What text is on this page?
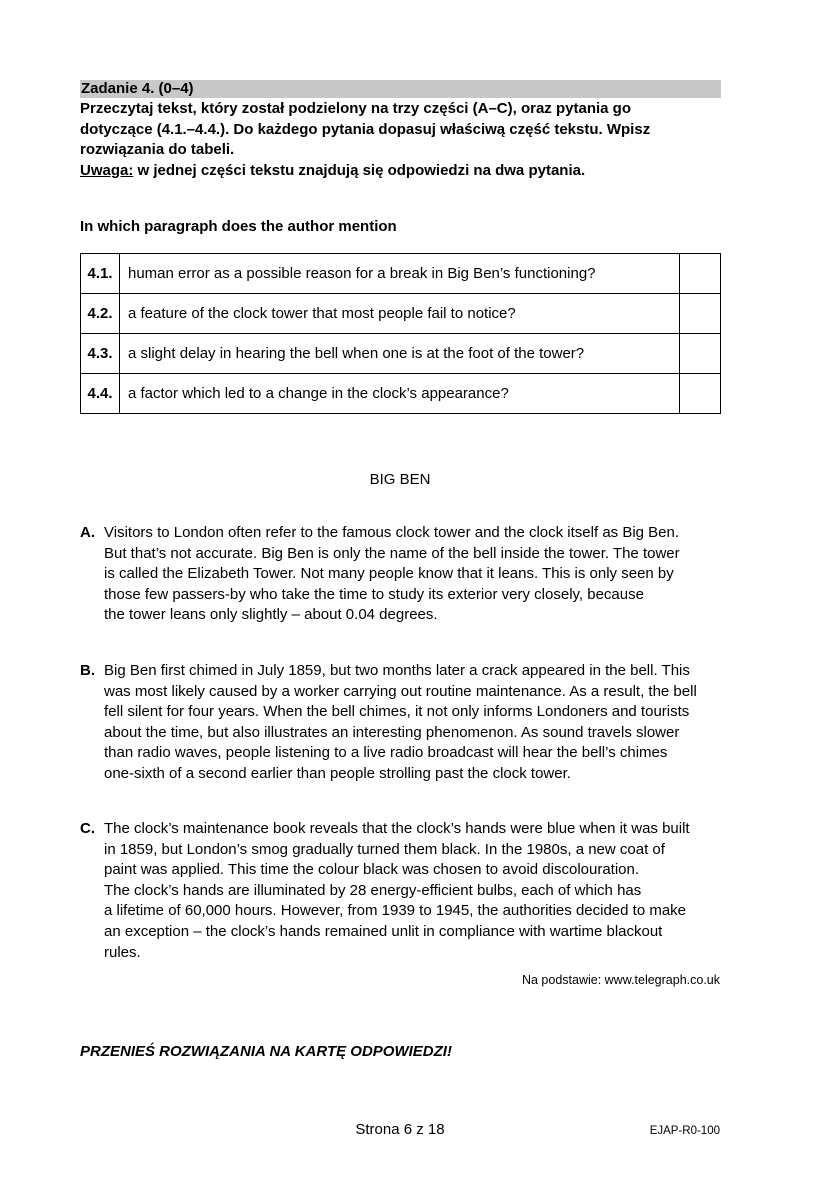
Zadanie 4. (0–4)

Przeczytaj tekst, który został podzielony na trzy części (A–C), oraz pytania go

dotyczące (4.1.–4.4.). Do każdego pytania dopasuj właściwą część tekstu. Wpisz

rozwiązania do tabeli.

Uwaga: w jednej części tekstu znajdują się odpowiedzi na dwa pytania.

In which paragraph does the author mention
4.1.	human error as a possible reason for a break in Big Ben’s functioning?	
4.2.	a feature of the clock tower that most people fail to notice?	
4.3.	a slight delay in hearing the bell when one is at the foot of the tower?	
4.4.	a factor which led to a change in the clock’s appearance?	
BIG BEN
A. Visitors to London often refer to the famous clock tower and the clock itself as Big Ben.

But that’s not accurate. Big Ben is only the name of the bell inside the tower. The tower

is called the Elizabeth Tower. Not many people know that it leans. This is only seen by

those few passers-by who take the time to study its exterior very closely, because

the tower leans only slightly – about 0.04 degrees.

B. Big Ben first chimed in July 1859, but two months later a crack appeared in the bell. This

was most likely caused by a worker carrying out routine maintenance. As a result, the bell

fell silent for four years. When the bell chimes, it not only informs Londoners and tourists

about the time, but also illustrates an interesting phenomenon. As sound travels slower

than radio waves, people listening to a live radio broadcast will hear the bell’s chimes

one-sixth of a second earlier than people strolling past the clock tower.

C. The clock’s maintenance book reveals that the clock’s hands were blue when it was built

in 1859, but London’s smog gradually turned them black. In the 1980s, a new coat of

paint was applied. This time the colour black was chosen to avoid discolouration.

The clock’s hands are illuminated by 28 energy-efficient bulbs, each of which has

a lifetime of 60,000 hours. However, from 1939 to 1945, the authorities decided to make

an exception – the clock’s hands remained unlit in compliance with wartime blackout

rules.

Na podstawie: www.telegraph.co.uk
PRZENIEŚ ROZWIĄZANIA NA KARTĘ ODPOWIEDZI!
Strona 6 z 18	EJAP-R0-100
